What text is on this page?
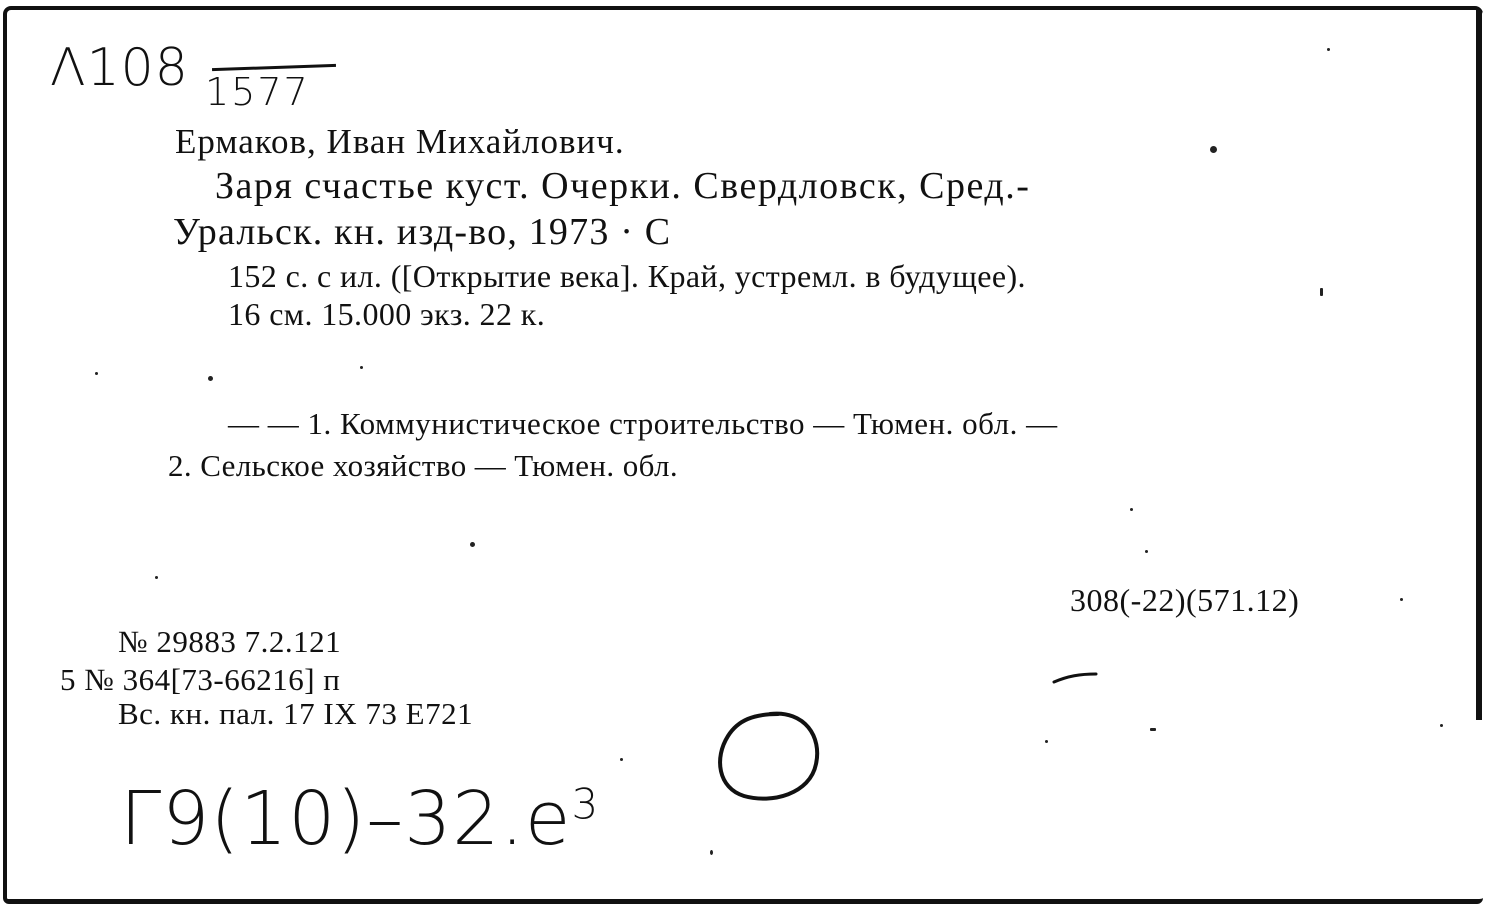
Λ108 1577
Ермаков, Иван Михайлович.
Заря счастье куст. Очерки. Свердловск, Сред.-
Уральск. кн. изд-во, 1973 · С
152 с. с ил. ([Открытие века]. Край, устремл. в будущее).
16 см. 15.000 экз. 22 к.
— — 1. Коммунистическое строительство — Тюмен. обл. —
2. Сельское хозяйство — Тюмен. обл.
308(-22)(571.12)
№ 29883 7.2.121
5 № 364[73-66216] п
Вс. кн. пал. 17 IX 73 Е721
$Г9(10)-32.е^3$
